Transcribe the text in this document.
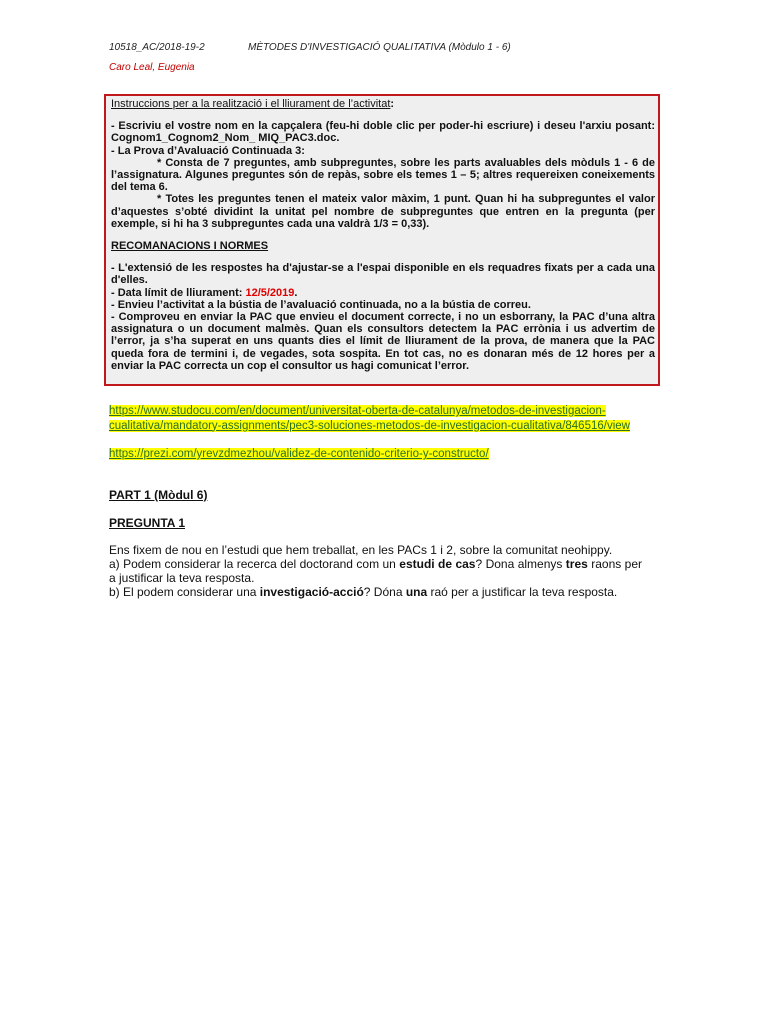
10518_AC/2018-19-2	MÈTODES D'INVESTIGACIÓ QUALITATIVA (Mòdulo 1 - 6)
Caro Leal, Eugenia

Instruccions per a la realització i el lliurament de l’activitat:

- Escriviu el vostre nom en la capçalera (feu-hi doble clic per poder-hi escriure) i deseu l'arxiu posant: Cognom1_Cognom2_Nom_ MIQ_PAC3.doc.

- La Prova d’Avaluació Continuada 3:

* Consta de 7 preguntes, amb subpreguntes, sobre les parts avaluables dels mòduls 1 - 6 de l’assignatura. Algunes preguntes són de repàs, sobre els temes 1 – 5; altres requereixen coneixements del tema 6.

* Totes les preguntes tenen el mateix valor màxim, 1 punt. Quan hi ha subpreguntes el valor d’aquestes s’obté dividint la unitat pel nombre de subpreguntes que entren en la pregunta (per exemple, si hi ha 3 subpreguntes cada una valdrà 1/3 = 0,33).

RECOMANACIONS I NORMES

- L'extensió de les respostes ha d'ajustar-se a l'espai disponible en els requadres fixats per a cada una d'elles.

- Data límit de lliurament: 12/5/2019.

- Envieu l’activitat a la bústia de l’avaluació continuada, no a la bústia de correu.

- Comproveu en enviar la PAC que envieu el document correcte, i no un esborrany, la PAC d’una altra assignatura o un document malmès. Quan els consultors detectem la PAC errònia i us advertim de l’error, ja s’ha superat en uns quants dies el límit de lliurament de la prova, de manera que la PAC queda fora de termini i, de vegades, sota sospita. En tot cas, no es donaran més de 12 hores per a enviar la PAC correcta un cop el consultor us hagi comunicat l’error.

https://www.studocu.com/en/document/universitat-oberta-de-catalunya/metodos-de-investigacion-cualitativa/mandatory-assignments/pec3-soluciones-metodos-de-investigacion-cualitativa/846516/view

https://prezi.com/yrevzdmezhou/validez-de-contenido-criterio-y-constructo/

PART 1 (Mòdul 6)
PREGUNTA 1

Ens fixem de nou en l’estudi que hem treballat, en les PACs 1 i 2, sobre la comunitat neohippy.

a) Podem considerar la recerca del doctorand com un estudi de cas? Dona almenys tres raons per a justificar la teva resposta.

b) El podem considerar una investigació-acció? Dóna una raó per a justificar la teva resposta.
